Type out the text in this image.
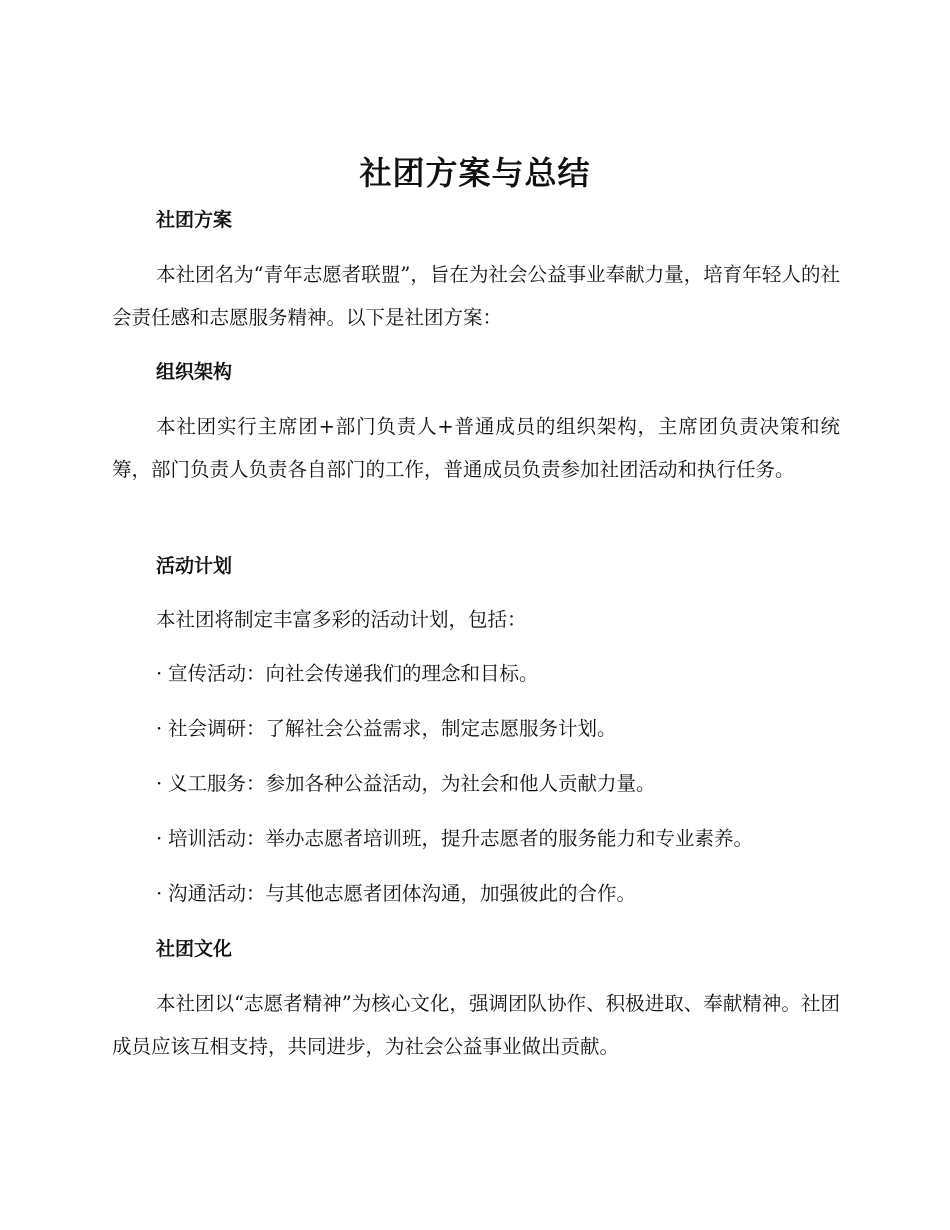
社团方案与总结
社团方案

本社团名为“青年志愿者联盟”，旨在为社会公益事业奉献力量，培育年轻人的社会责任感和志愿服务精神。以下是社团方案：

组织架构

本社团实行主席团+部门负责人+普通成员的组织架构，主席团负责决策和统筹，部门负责人负责各自部门的工作，普通成员负责参加社团活动和执行任务。

活动计划

本社团将制定丰富多彩的活动计划，包括：

· 宣传活动：向社会传递我们的理念和目标。
· 社会调研：了解社会公益需求，制定志愿服务计划。
· 义工服务：参加各种公益活动，为社会和他人贡献力量。
· 培训活动：举办志愿者培训班，提升志愿者的服务能力和专业素养。
· 沟通活动：与其他志愿者团体沟通，加强彼此的合作。
社团文化

本社团以“志愿者精神”为核心文化，强调团队协作、积极进取、奉献精神。社团成员应该互相支持，共同进步，为社会公益事业做出贡献。
